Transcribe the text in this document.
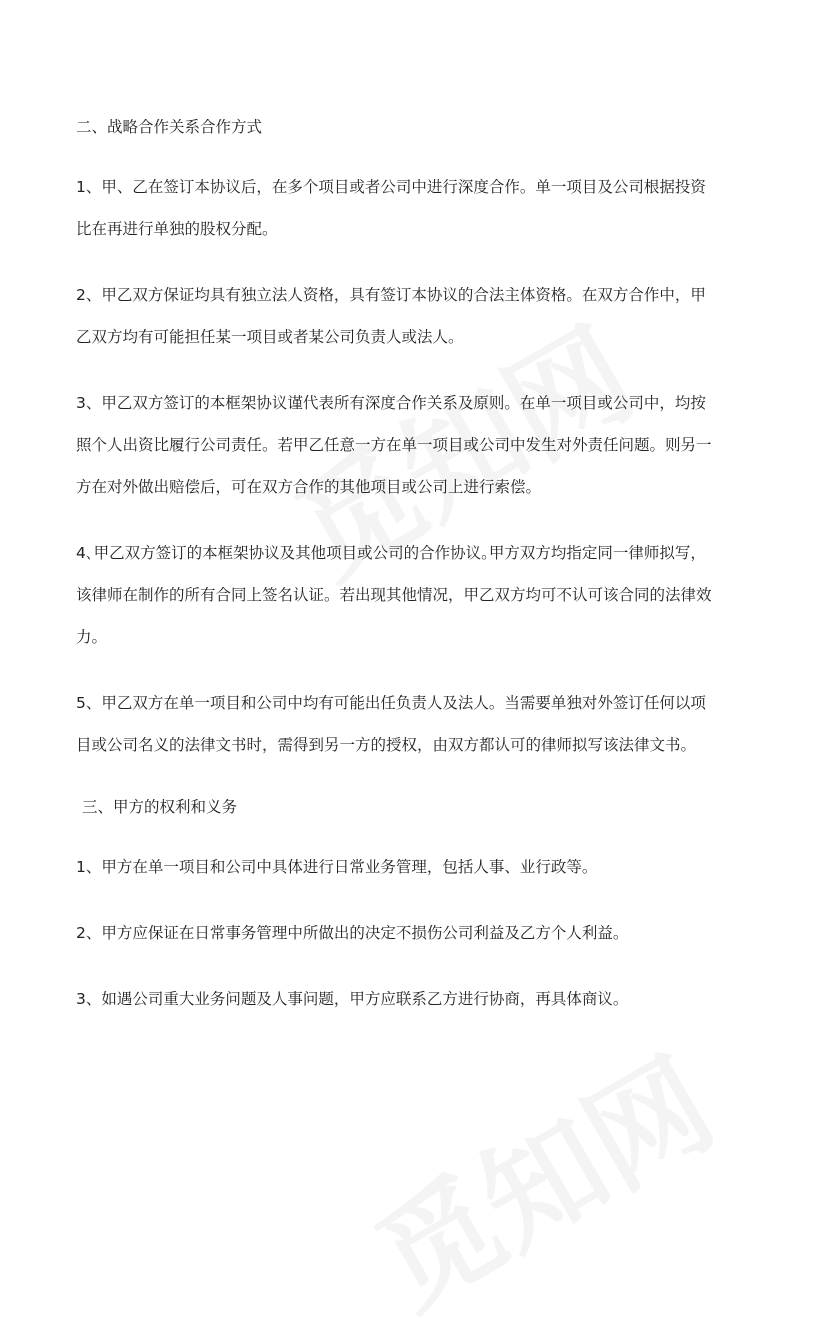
二、战略合作关系合作方式
1、甲、乙在签订本协议后，在多个项目或者公司中进行深度合作。单一项目及公司根据投资
比在再进行单独的股权分配。
2、甲乙双方保证均具有独立法人资格，具有签订本协议的合法主体资格。在双方合作中，甲
乙双方均有可能担任某一项目或者某公司负责人或法人。
3、甲乙双方签订的本框架协议谨代表所有深度合作关系及原则。在单一项目或公司中，均按
照个人出资比履行公司责任。若甲乙任意一方在单一项目或公司中发生对外责任问题。则另一
方在对外做出赔偿后，可在双方合作的其他项目或公司上进行索偿。
4､甲乙双方签订的本框架协议及其他项目或公司的合作协议｡甲方双方均指定同一律师拟写，
该律师在制作的所有合同上签名认证。若出现其他情况，甲乙双方均可不认可该合同的法律效
力。
5、甲乙双方在单一项目和公司中均有可能出任负责人及法人。当需要单独对外签订任何以项
目或公司名义的法律文书时，需得到另一方的授权，由双方都认可的律师拟写该法律文书。
三、甲方的权利和义务
1、甲方在单一项目和公司中具体进行日常业务管理，包括人事、业行政等。
2、甲方应保证在日常事务管理中所做出的决定不损伤公司利益及乙方个人利益。
3、如遇公司重大业务问题及人事问题，甲方应联系乙方进行协商，再具体商议。
